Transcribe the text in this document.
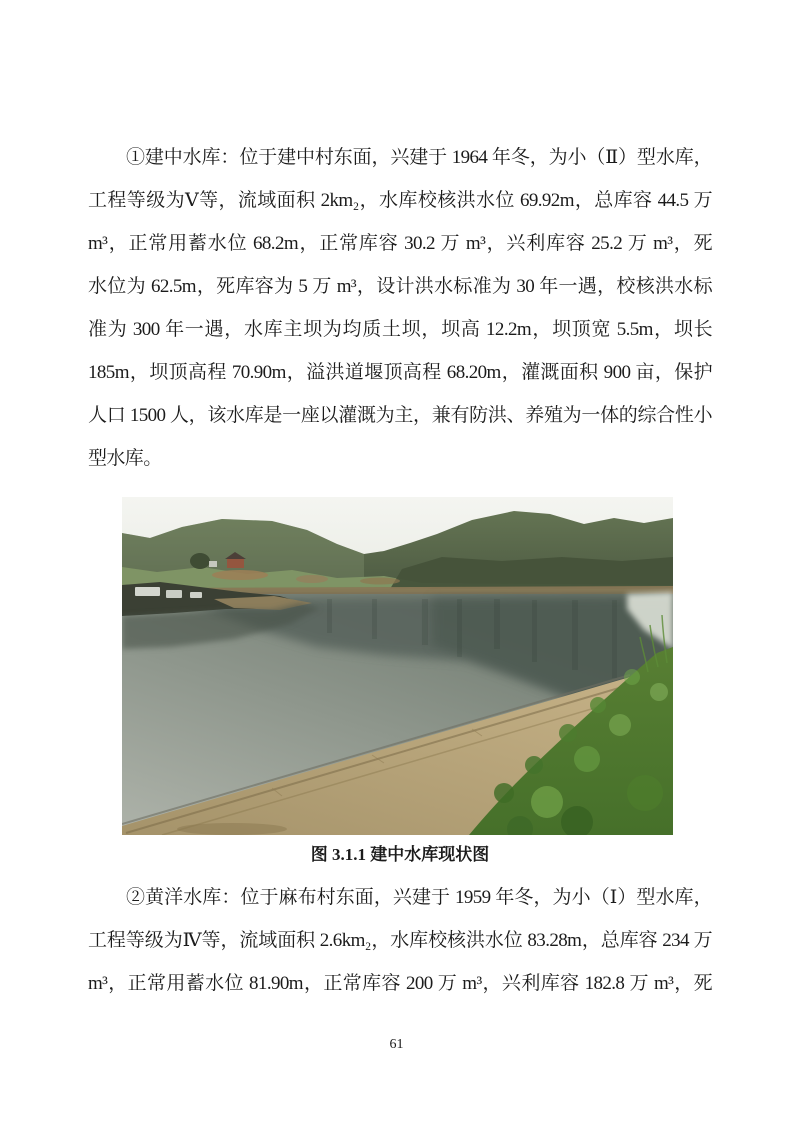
①建中水库：位于建中村东面，兴建于 1964 年冬，为小（Ⅱ）型水库，
工程等级为Ⅴ等，流域面积 2km₂，水库校核洪水位 69.92m，总库容 44.5 万
m³，正常用蓄水位 68.2m，正常库容 30.2 万 m³，兴利库容 25.2 万 m³，死
水位为 62.5m，死库容为 5 万 m³，设计洪水标准为 30 年一遇，校核洪水标
准为 300 年一遇，水库主坝为均质土坝，坝高 12.2m，坝顶宽 5.5m，坝长
185m，坝顶高程 70.90m，溢洪道堰顶高程 68.20m，灌溉面积 900 亩，保护
人口 1500 人，该水库是一座以灌溉为主，兼有防洪、养殖为一体的综合性小
型水库。
图 3.1.1 建中水库现状图
②黄洋水库：位于麻布村东面，兴建于 1959 年冬，为小（Ⅰ）型水库，
工程等级为Ⅳ等，流域面积 2.6km₂，水库校核洪水位 83.28m，总库容 234 万
m³，正常用蓄水位 81.90m，正常库容 200 万 m³，兴利库容 182.8 万 m³，死
61
